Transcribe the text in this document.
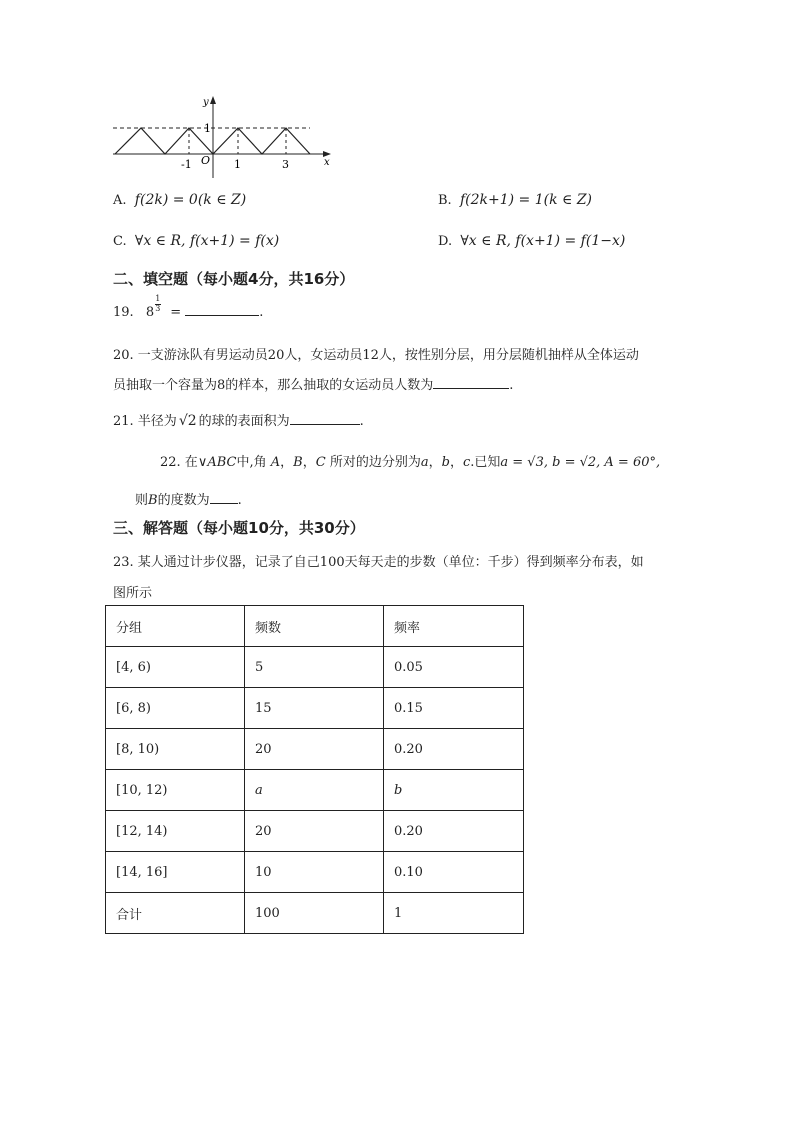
y
x
1
O
-1	1	3
A. f(2k) = 0(k ∈ Z)	B. f(2k+1) = 1(k ∈ Z)
C. ∀x ∈ R, f(x+1) = f(x)	D. ∀x ∈ R, f(x+1) = f(1−x)
二、填空题（每小题4分，共16分）
19. 8
1
3 =	.
20. 一支游泳队有男运动员20人，女运动员12人，按性别分层，用分层随机抽样从全体运动
员抽取一个容量为8的样本，那么抽取的女运动员人数为	.
21. 半径为 √2 的球的表面积为	.
22. 在∨ABC中,角 A，B，C 所对的边分别为a，b，c.已知a = √3, b = √2, A = 60°,
则B的度数为 .
三、解答题（每小题10分，共30分）
23. 某人通过计步仪器，记录了自己100天每天走的步数（单位：千步）得到频率分布表，如
图所示
分组	频数	频率
[4, 6)	5	0.05
[6, 8)	15	0.15
[8, 10)	20	0.20
[10, 12)	a	b
[12, 14)	20	0.20
[14, 16]	10	0.10
合计	100	1
